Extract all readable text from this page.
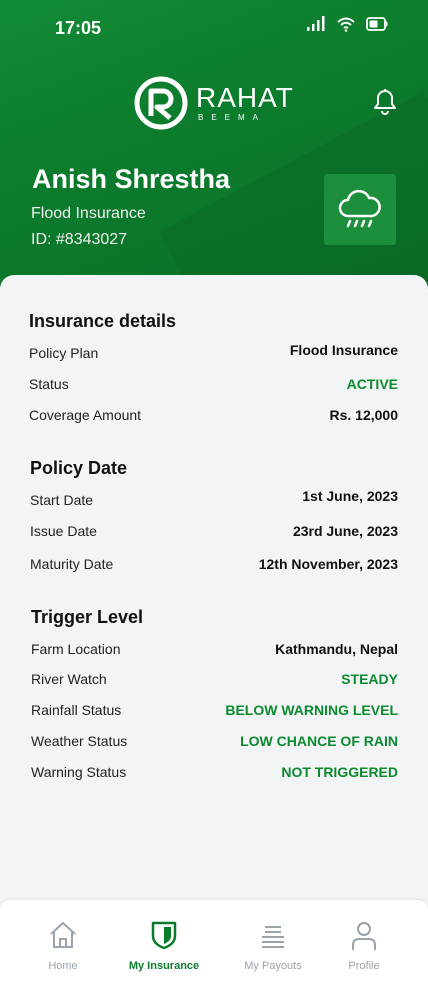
17:05
RAHAT
BEEMA
Anish Shrestha
Flood Insurance
ID: #8343027
Insurance details
Policy Plan	Flood Insurance
Status	ACTIVE
Coverage Amount	Rs. 12,000
Policy Date
Start Date	1st June, 2023
Issue Date	23rd June, 2023
Maturity Date	12th November, 2023
Trigger Level
Farm Location	Kathmandu, Nepal
River Watch	STEADY
Rainfall Status	BELOW WARNING LEVEL
Weather Status	LOW CHANCE OF RAIN
Warning Status	NOT TRIGGERED
Home	My Insurance	My Payouts	Profile
